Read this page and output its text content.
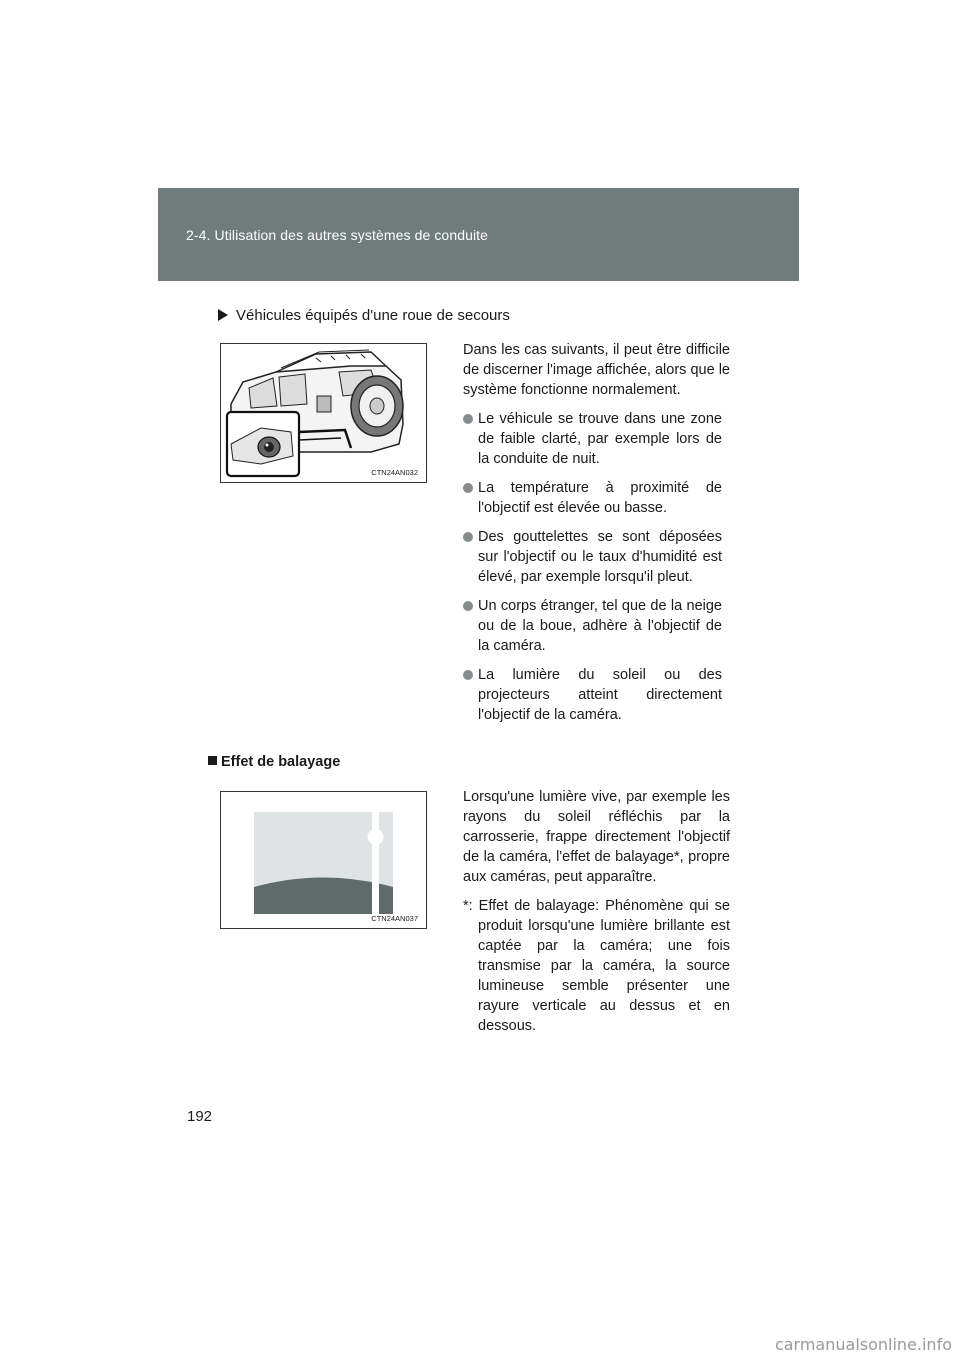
2-4. Utilisation des autres systèmes de conduite
Véhicules équipés d'une roue de secours
CTN24AN032

Dans les cas suivants, il peut être difficile de discerner l'image affichée, alors que le système fonctionne normalement.

Le véhicule se trouve dans une zone de faible clarté, par exemple lors de la conduite de nuit.
La température à proximité de l'objectif est élevée ou basse.
Des gouttelettes se sont déposées sur l'objectif ou le taux d'humidité est élevé, par exemple lorsqu'il pleut.
Un corps étranger, tel que de la neige ou de la boue, adhère à l'objectif de la caméra.
La lumière du soleil ou des projecteurs atteint directement l'objectif de la caméra.
Effet de balayage
CTN24AN037

Lorsqu'une lumière vive, par exemple les rayons du soleil réfléchis par la carrosserie, frappe directement l'objectif de la caméra, l'effet de balayage*, propre aux caméras, peut apparaître.

*: Effet de balayage: Phénomène qui se produit lorsqu'une lumière brillante est captée par la caméra; une fois transmise par la caméra, la source lumineuse semble présenter une rayure verticale au dessus et en dessous.

192
carmanualsonline.info
